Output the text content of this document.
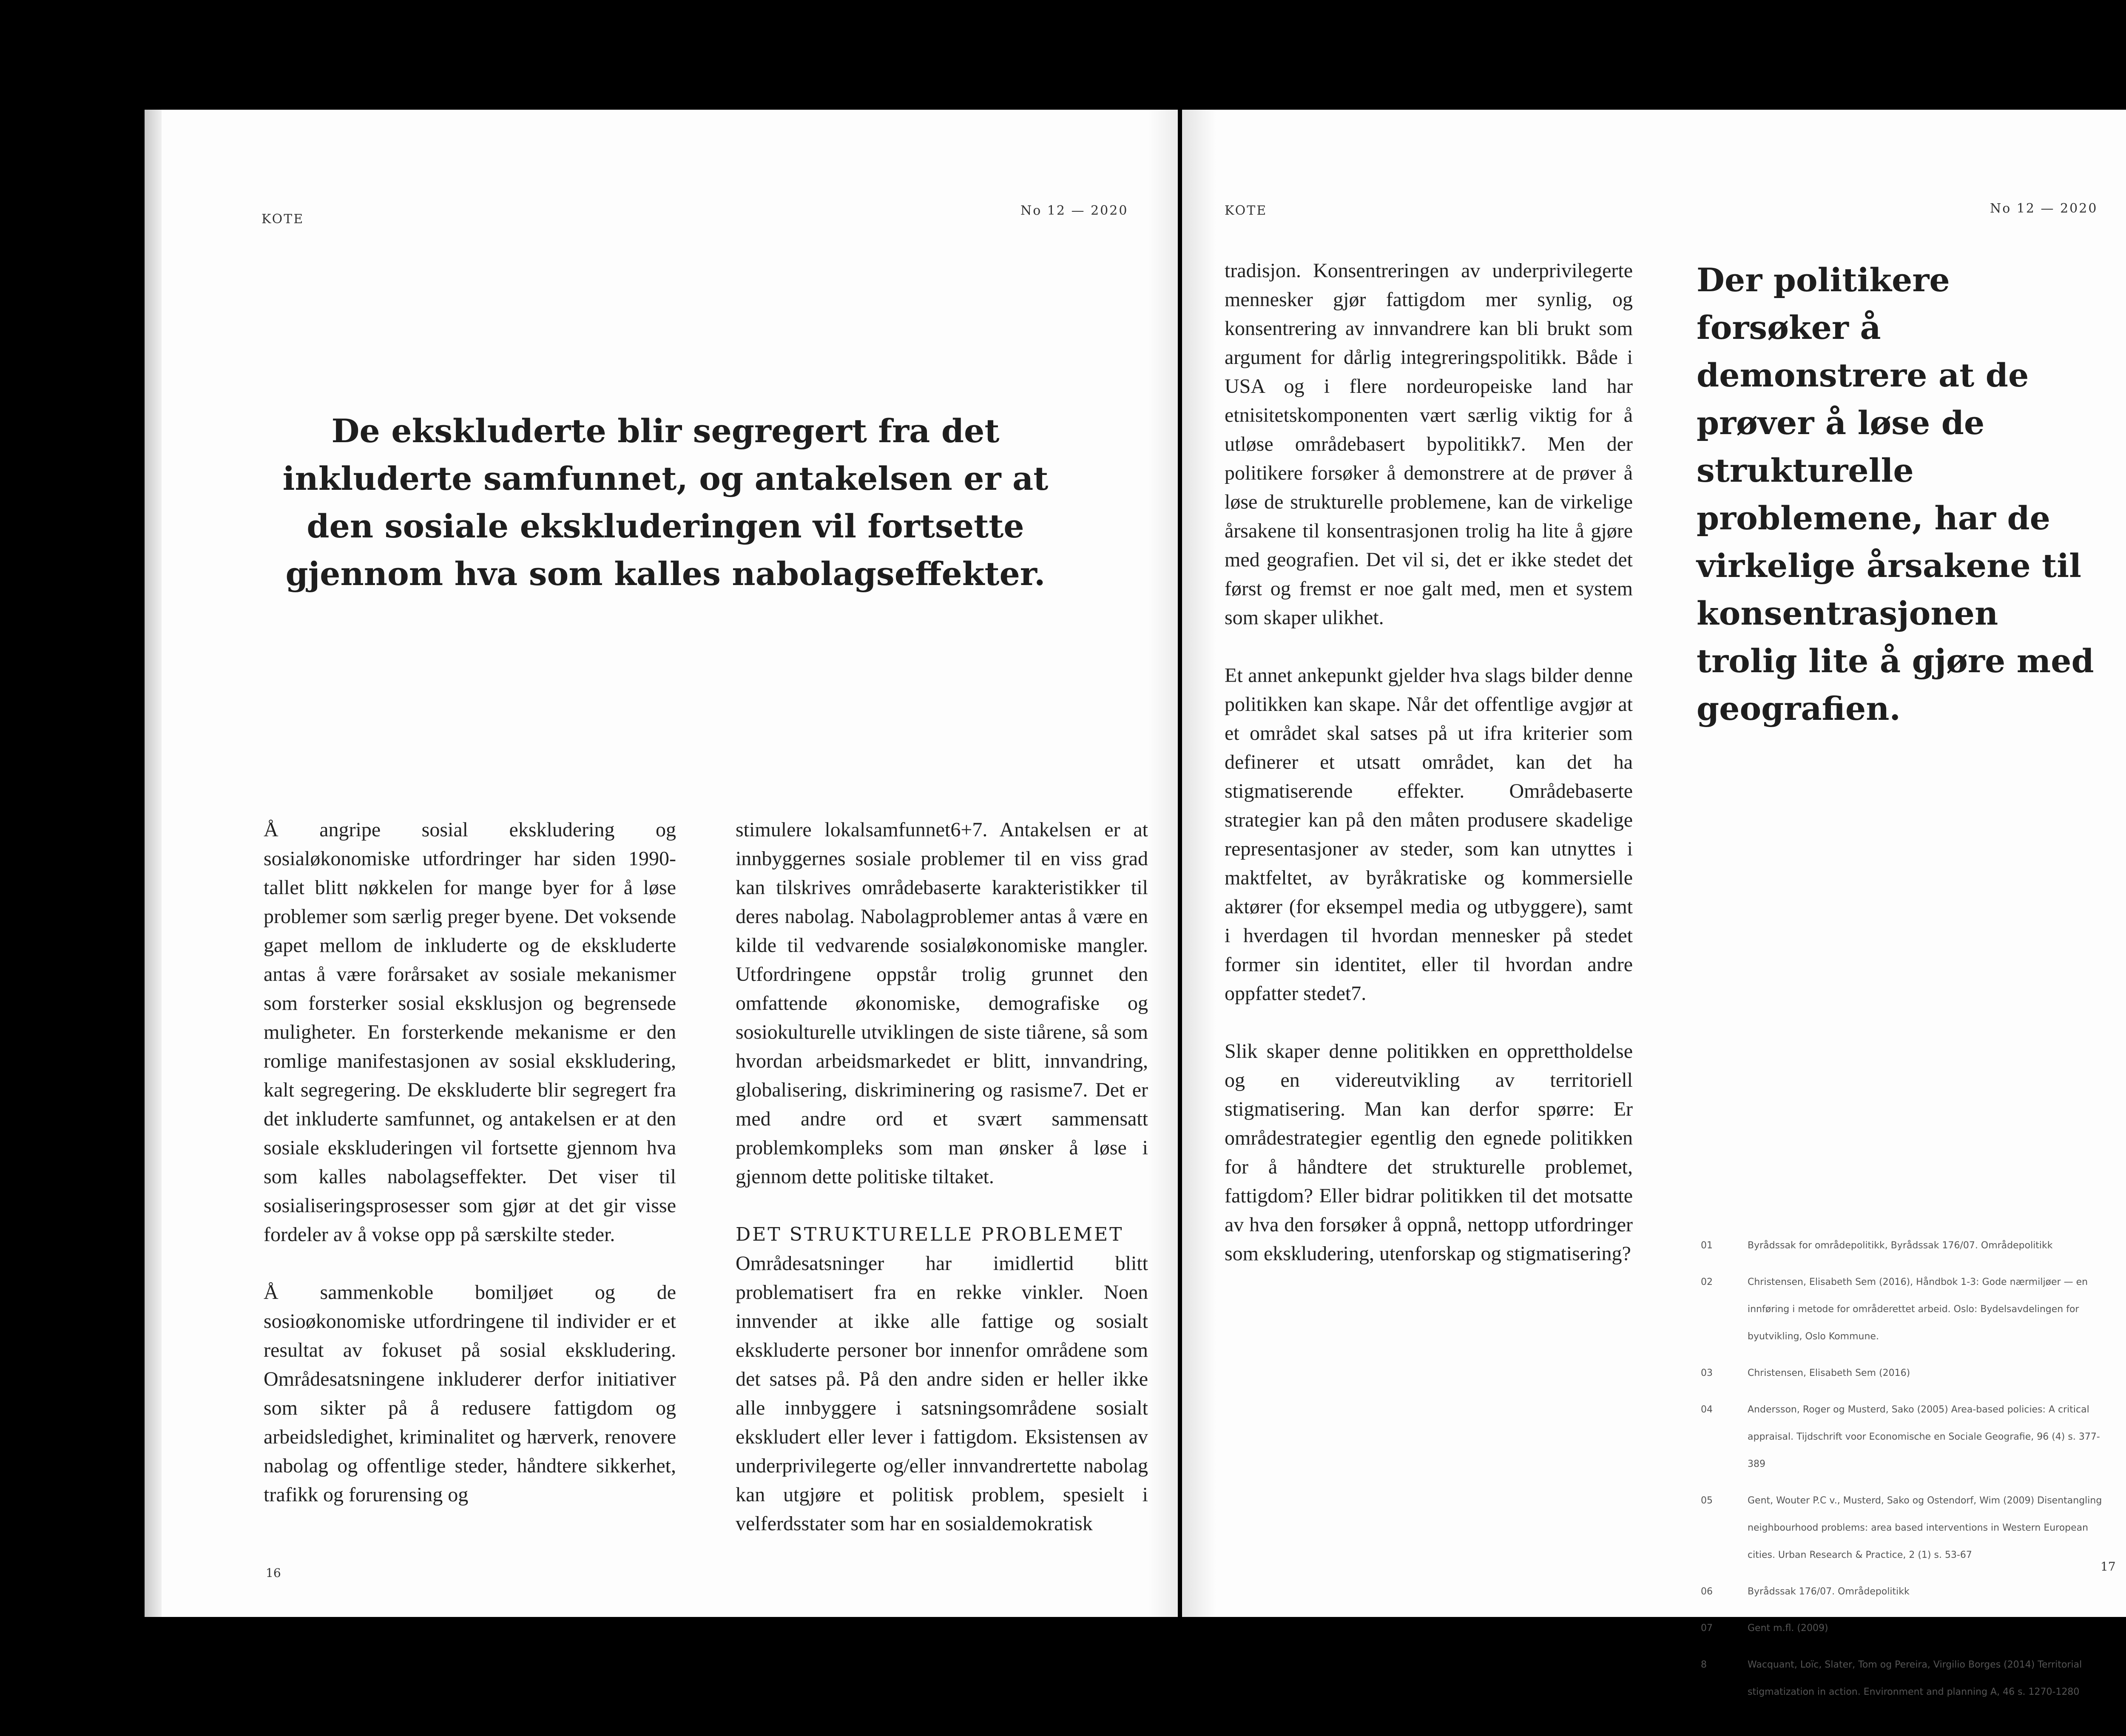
KOTE
No 12 — 2020
De ekskluderte blir segregert fra det inkluderte samfunnet, og antakelsen er at den sosiale ekskluderingen vil fortsette gjennom hva som kalles nabolagseffekter.

Å angripe sosial ekskludering og sosialøkonomiske utfordringer har siden 1990-tallet blitt nøkkelen for mange byer for å løse problemer som særlig preger byene. Det voksende gapet mellom de inkluderte og de ekskluderte antas å være forårsaket av sosiale mekanismer som forsterker sosial eksklusjon og begrensede muligheter. En forsterkende mekanisme er den romlige manifestasjonen av sosial ekskludering, kalt segregering. De ekskluderte blir segregert fra det inkluderte samfunnet, og antakelsen er at den sosiale ekskluderingen vil fortsette gjennom hva som kalles nabolagseffekter. Det viser til sosialiseringsprosesser som gjør at det gir visse fordeler av å vokse opp på særskilte steder.

Å sammenkoble bomiljøet og de sosioøkonomiske utfordringene til individer er et resultat av fokuset på sosial ekskludering. Områdesatsningene inkluderer derfor initiativer som sikter på å redusere fattigdom og arbeidsledighet, kriminalitet og hærverk, renovere nabolag og offentlige steder, håndtere sikkerhet, trafikk og forurensing og

stimulere lokalsamfunnet6+7. Antakelsen er at innbyggernes sosiale problemer til en viss grad kan tilskrives områdebaserte karakteristikker til deres nabolag. Nabolagproblemer antas å være en kilde til vedvarende sosialøkonomiske mangler. Utfordringene oppstår trolig grunnet den omfattende økonomiske, demografiske og sosiokulturelle utviklingen de siste tiårene, så som hvordan arbeidsmarkedet er blitt, innvandring, globalisering, diskriminering og rasisme7. Det er med andre ord et svært sammensatt problemkompleks som man ønsker å løse i gjennom dette politiske tiltaket.

DET STRUKTURELLE PROBLEMET

Områdesatsninger har imidlertid blitt problematisert fra en rekke vinkler. Noen innvender at ikke alle fattige og sosialt ekskluderte personer bor innenfor områdene som det satses på. På den andre siden er heller ikke alle innbyggere i satsningsområdene sosialt ekskludert eller lever i fattigdom. Eksistensen av underprivilegerte og/eller innvandrertette nabolag kan utgjøre et politisk problem, spesielt i velferdsstater som har en sosialdemokratisk

16
KOTE	No 12 — 2020

tradisjon. Konsentreringen av underprivilegerte mennesker gjør fattigdom mer synlig, og konsentrering av innvandrere kan bli brukt som argument for dårlig integreringspolitikk. Både i USA og i flere nordeuropeiske land har etnisitetskomponenten vært særlig viktig for å utløse områdebasert bypolitikk7. Men der politikere forsøker å demonstrere at de prøver å løse de strukturelle problemene, kan de virkelige årsakene til konsentrasjonen trolig ha lite å gjøre med geografien. Det vil si, det er ikke stedet det først og fremst er noe galt med, men et system som skaper ulikhet.

Et annet ankepunkt gjelder hva slags bilder denne politikken kan skape. Når det offentlige avgjør at et området skal satses på ut ifra kriterier som definerer et utsatt området, kan det ha stigmatiserende effekter. Områdebaserte strategier kan på den måten produsere skadelige representasjoner av steder, som kan utnyttes i maktfeltet, av byråkratiske og kommersielle aktører (for eksempel media og utbyggere), samt i hverdagen til hvordan mennesker på stedet former sin identitet, eller til hvordan andre oppfatter stedet7.

Slik skaper denne politikken en opprettholdelse og en videreutvikling av territoriell stigmatisering. Man kan derfor spørre: Er områdestrategier egentlig den egnede politikken for å håndtere det strukturelle problemet, fattigdom? Eller bidrar politikken til det motsatte av hva den forsøker å oppnå, nettopp utfordringer som ekskludering, utenforskap og stigmatisering?

Der politikere forsøker å demonstrere at de prøver å løse de strukturelle problemene, har de virkelige årsakene til konsentrasjonen trolig lite å gjøre med geografien.
01	Byrådssak for områdepolitikk, Byrådssak 176/07. Områdepolitikk
02	Christensen, Elisabeth Sem (2016), Håndbok 1-3: Gode nærmiljøer — en innføring i metode for områderettet arbeid. Oslo: Bydelsavdelingen for byutvikling, Oslo Kommune.
03	Christensen, Elisabeth Sem (2016)
04	Andersson, Roger og Musterd, Sako (2005) Area-based policies: A critical appraisal. Tijdschrift voor Economische en Sociale Geografie, 96 (4) s. 377-389
05	Gent, Wouter P.C v., Musterd, Sako og Ostendorf, Wim (2009) Disentangling neighbourhood problems: area based interventions in Western European cities. Urban Research & Practice, 2 (1) s. 53-67
06	Byrådssak 176/07. Områdepolitikk
07	Gent m.fl. (2009)
8	Wacquant, Loïc, Slater, Tom og Pereira, Virgilio Borges (2014) Territorial stigmatization in action. Environment and planning A, 46 s. 1270-1280
17
